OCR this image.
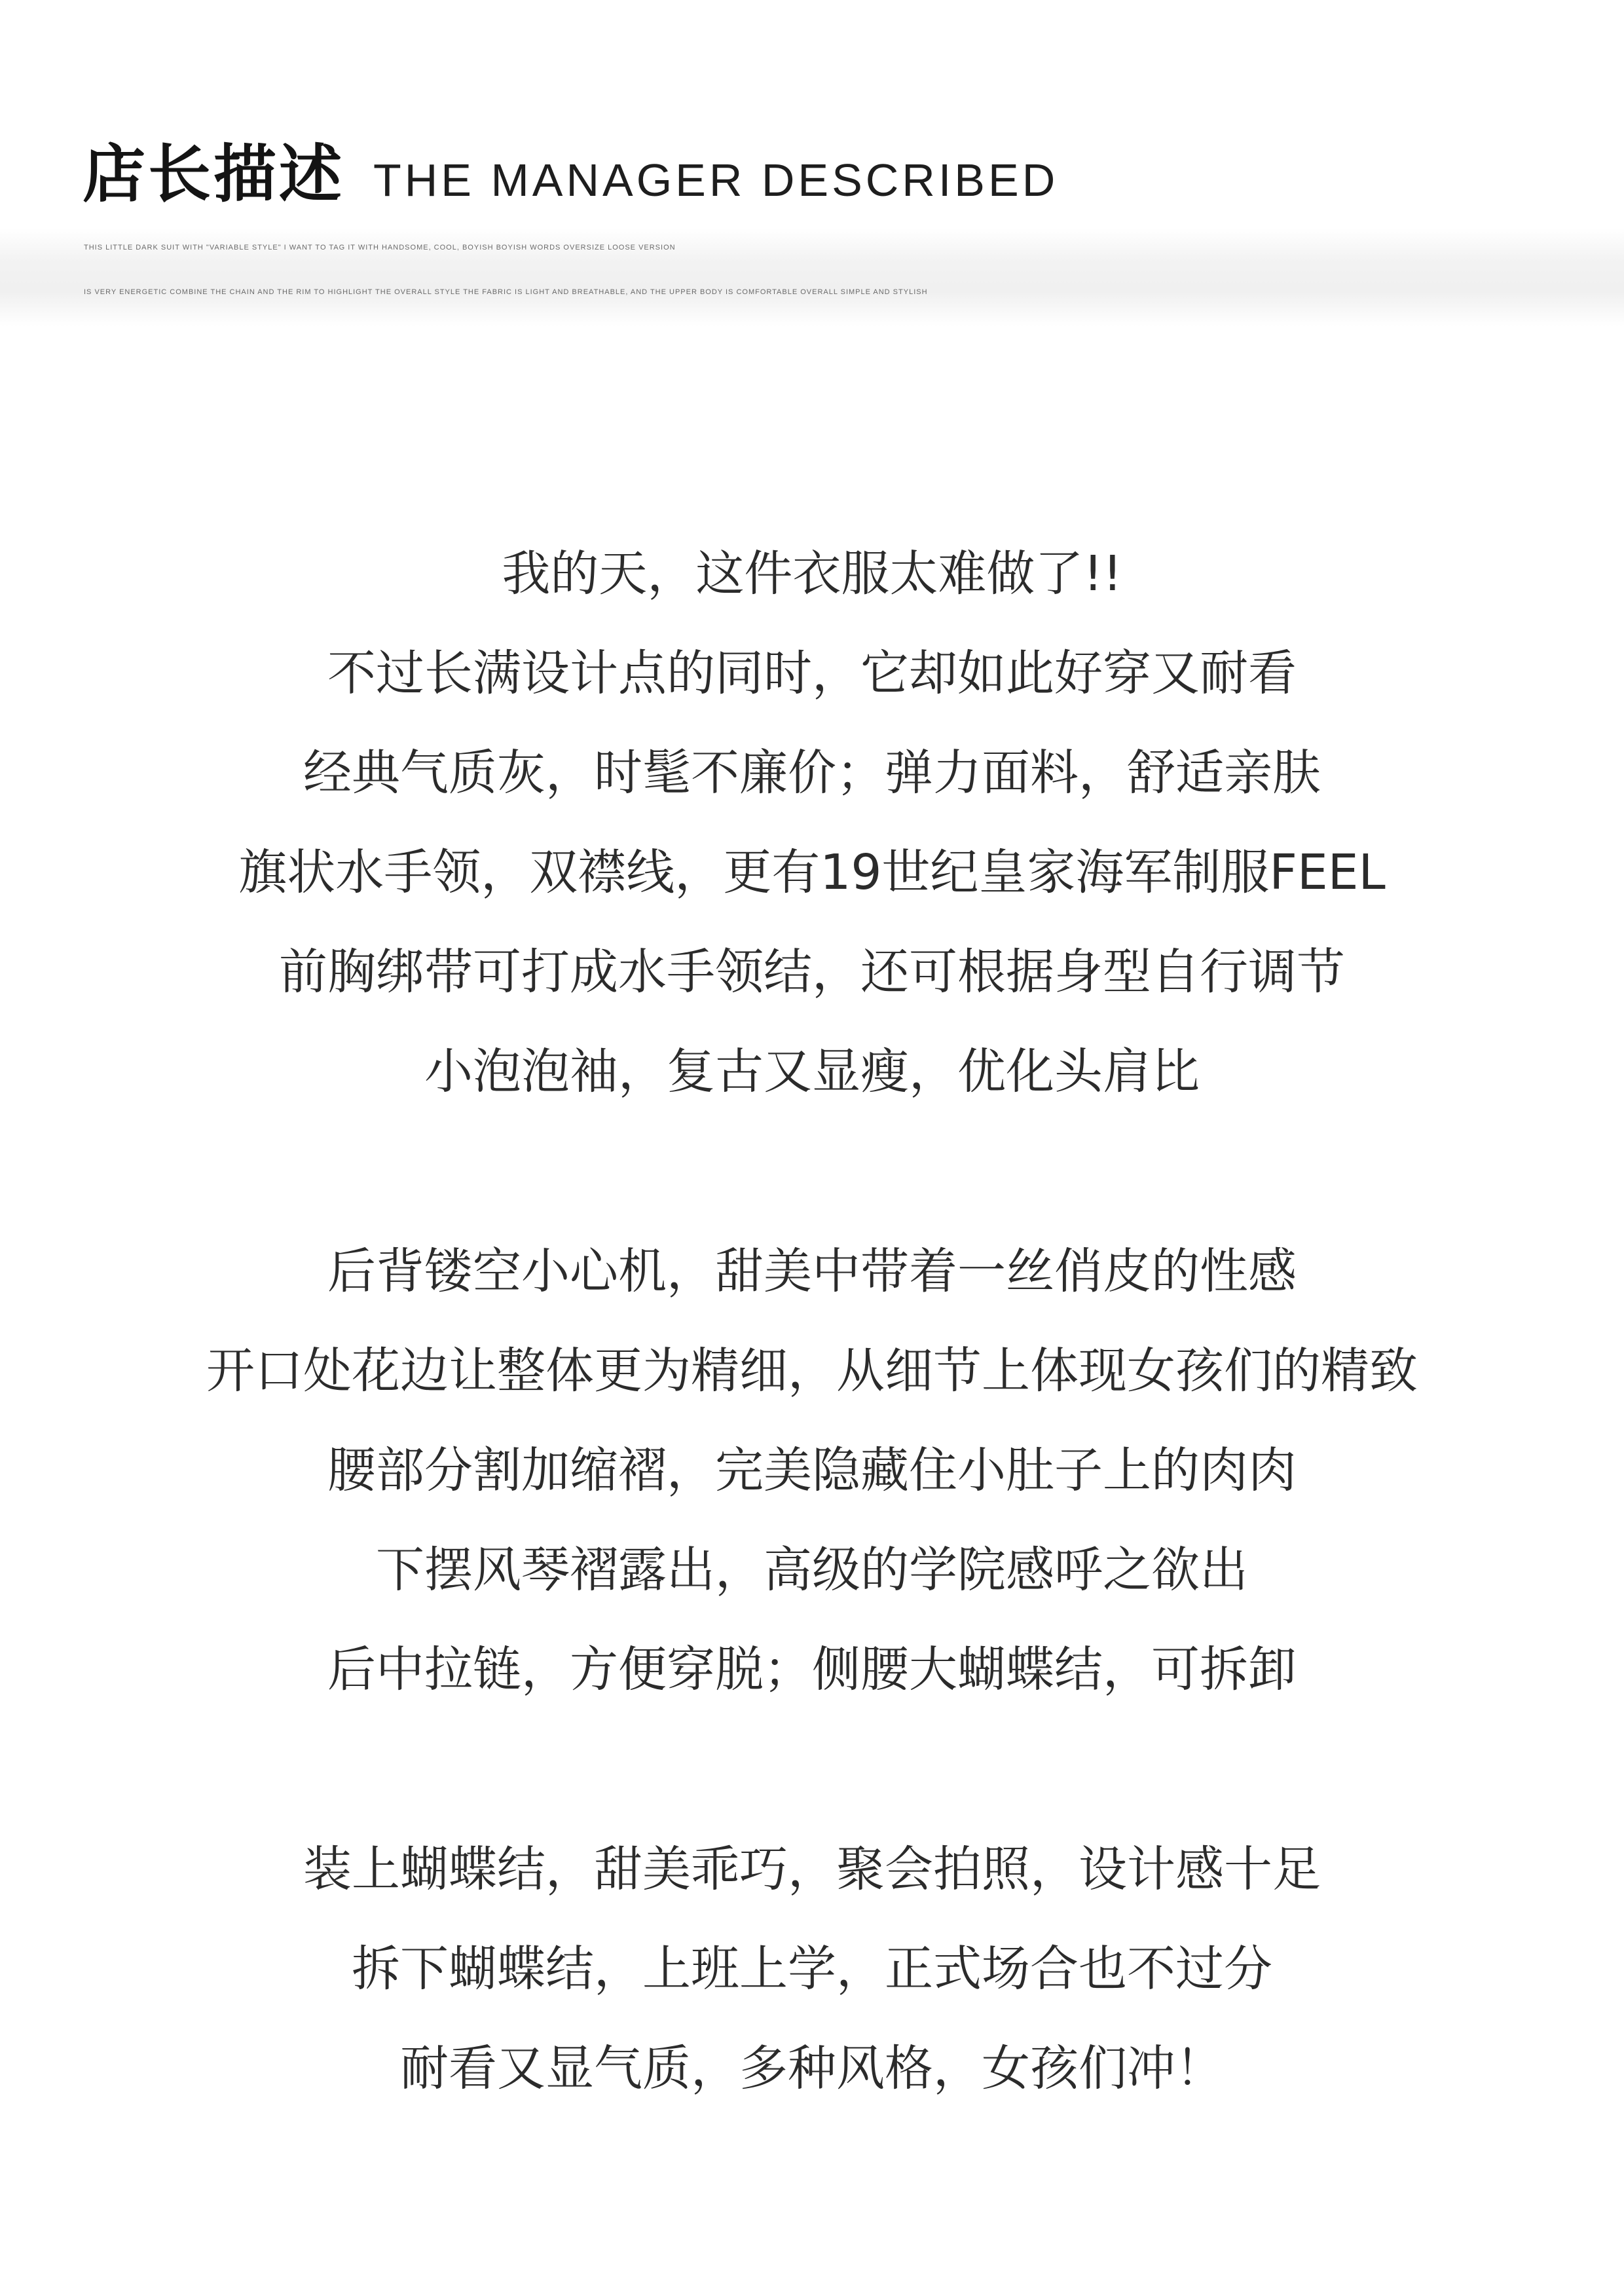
店长描述 THE MANAGER DESCRIBED
THIS LITTLE DARK SUIT WITH "VARIABLE STYLE" I WANT TO TAG IT WITH HANDSOME, COOL, BOYISH BOYISH WORDS OVERSIZE LOOSE VERSION
IS VERY ENERGETIC COMBINE THE CHAIN AND THE RIM TO HIGHLIGHT THE OVERALL STYLE THE FABRIC IS LIGHT AND BREATHABLE, AND THE UPPER BODY IS COMFORTABLE OVERALL SIMPLE AND STYLISH
我的天，这件衣服太难做了!!
不过长满设计点的同时，它却如此好穿又耐看
经典气质灰，时髦不廉价；弹力面料，舒适亲肤
旗状水手领，双襟线，更有19世纪皇家海军制服FEEL
前胸绑带可打成水手领结，还可根据身型自行调节
小泡泡袖，复古又显瘦，优化头肩比
后背镂空小心机，甜美中带着一丝俏皮的性感
开口处花边让整体更为精细，从细节上体现女孩们的精致
腰部分割加缩褶，完美隐藏住小肚子上的肉肉
下摆风琴褶露出，高级的学院感呼之欲出
后中拉链，方便穿脱；侧腰大蝴蝶结，可拆卸
装上蝴蝶结，甜美乖巧，聚会拍照，设计感十足
拆下蝴蝶结，上班上学，正式场合也不过分
耐看又显气质，多种风格，女孩们冲！
